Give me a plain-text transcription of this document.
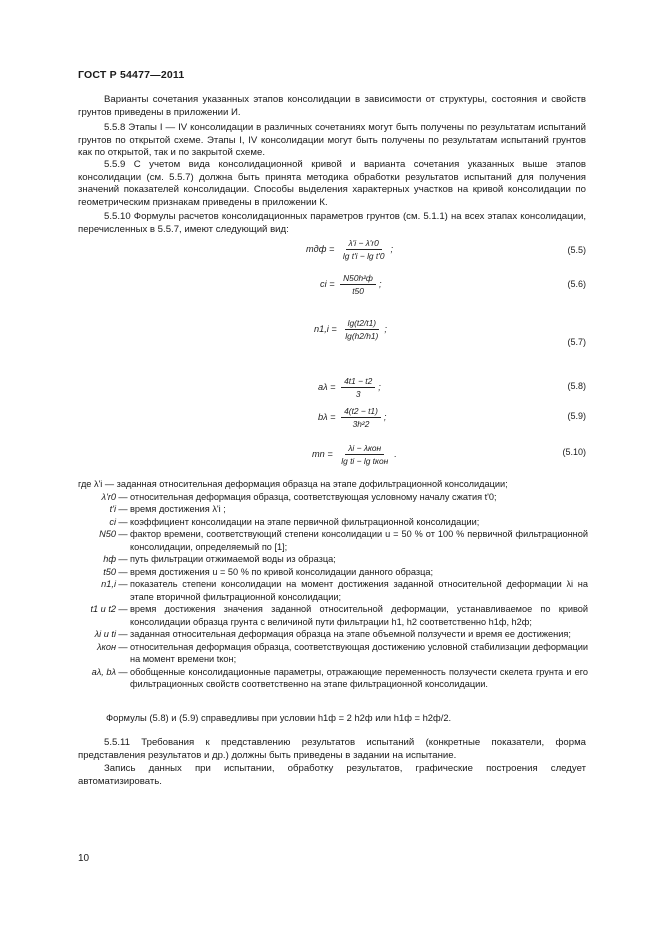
ГОСТ Р 54477—2011
Варианты сочетания указанных этапов консолидации в зависимости от структуры, состояния и свойств грунтов приведены в приложении И.
5.5.8 Этапы I — IV консолидации в различных сочетаниях могут быть получены по результатам испытаний грунтов по открытой схеме. Этапы I, IV консолидации могут быть получены по результатам испытаний грунтов как по открытой, так и по закрытой схеме.
5.5.9 С учетом вида консолидационной кривой и варианта сочетания указанных выше этапов консолидации (см. 5.5.7) должна быть принята методика обработки результатов испытаний для получения значений показателей консолидации. Способы выделения характерных участков на кривой консолидации по геометрическим признакам приведены в приложении К.
5.5.10 Формулы расчетов консолидационных параметров грунтов (см. 5.1.1) на всех этапах консолидации, перечисленных в 5.5.7, имеют следующий вид:
mдф = $\frac{\lambda'i - \lambda'r0}{\text{lg t'i − lg t'0}}$ ;	(5.5)
ci = $\frac{\text{N50h²ф}}{t50}$ ;	(5.6)
$n1,i = \frac{\lg(t2/t1)}{\lg(h2/h1)}$ ;
(5.7)
$a\lambda = \frac{4t1 - t2}{3}$ ;	(5.8)
$b\lambda = \frac{4(t2 - t1)}{\text{3h²2}}$ ;	(5.9)
mn = $\frac{\text{λi − λкон}}{\text{lg ti − lg tкон}}$ .	(5.10)
где λ'i — заданная относительная деформация образца на этапе дофильтрационной консолидации;
λ'r0 — относительная деформация образца, соответствующая условному началу сжатия t'0;
t'i — время достижения λ'i ;
ci — коэффициент консолидации на этапе первичной фильтрационной консолидации;
N50 — фактор времени, соответствующий степени консолидации u = 50 % от 100 % первичной фильтрационной консолидации, определяемый по [1];
hф — путь фильтрации отжимаемой воды из образца;
t50 — время достижения u = 50 % по кривой консолидации данного образца;
n1,i — показатель степени консолидации на момент достижения заданной относительной деформации λi на этапе вторичной фильтрационной консолидации;
t1 и t2 — время достижения значения заданной относительной деформации, устанавливаемое по кривой консолидации образца грунта с величиной пути фильтрации h1, h2 соответственно h1ф, h2ф;
λi и ti — заданная относительная деформация образца на этапе объемной ползучести и время ее достижения;
λкон — относительная деформация образца, соответствующая достижению условной стабилизации деформации на момент времени tкон;
aλ, bλ — обобщенные консолидационные параметры, отражающие переменность ползучести скелета грунта и его фильтрационных свойств соответственно на этапе фильтрационной консолидации.
Формулы (5.8) и (5.9) справедливы при условии h1ф = 2 h2ф или h1ф = h2ф/2.
5.5.11 Требования к представлению результатов испытаний (конкретные показатели, форма представления результатов и др.) должны быть приведены в задании на испытание.
Запись данных при испытании, обработку результатов, графические построения следует автоматизировать.
10
